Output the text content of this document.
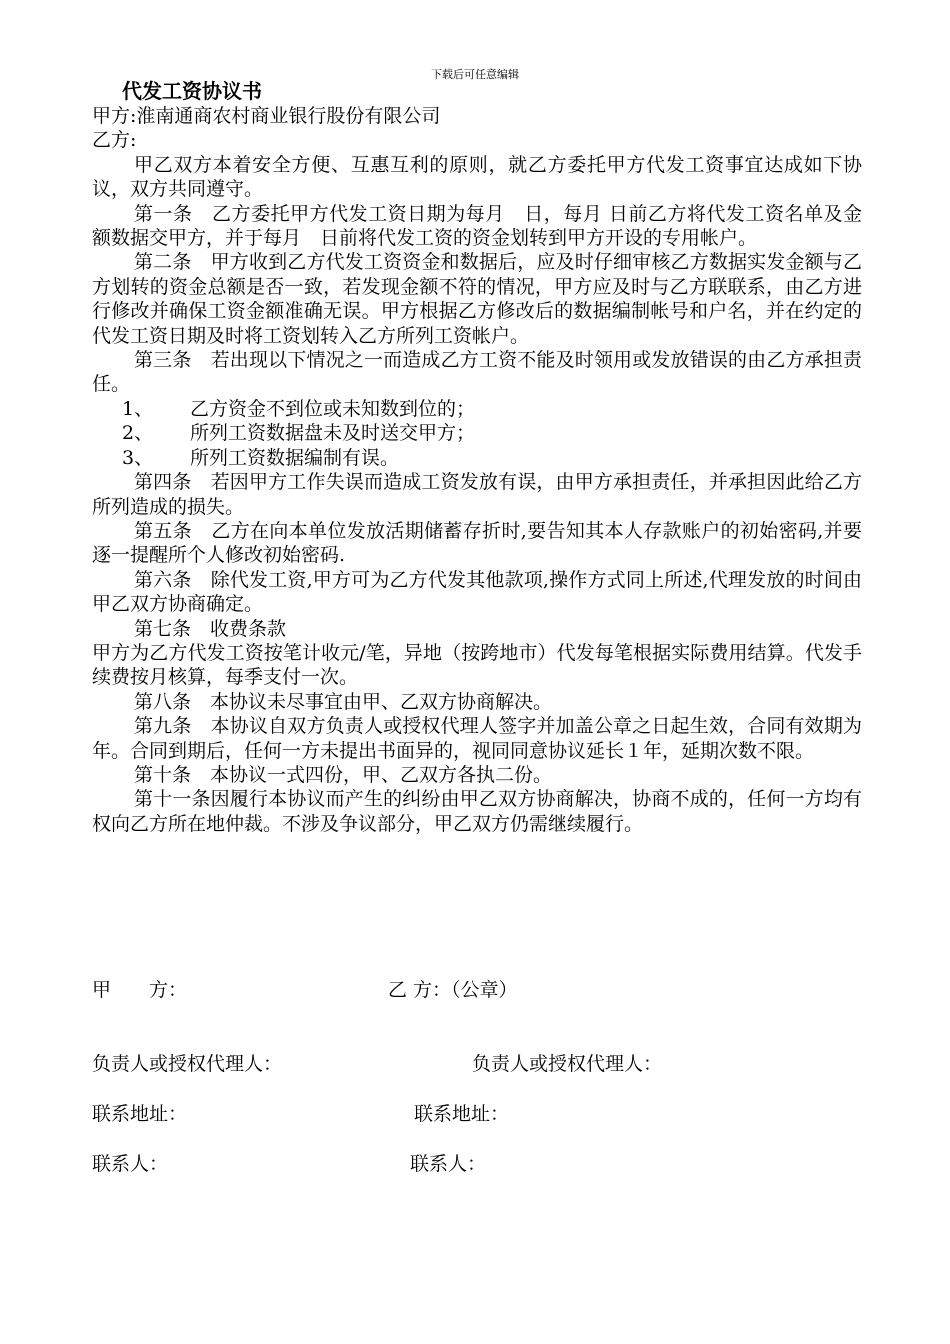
下载后可任意编辑
代发工资协议书

甲方:淮南通商农村商业银行股份有限公司

乙方:

甲乙双方本着安全方便、互惠互利的原则，就乙方委托甲方代发工资事宜达成如下协议，双方共同遵守。

第一条　乙方委托甲方代发工资日期为每月　日，每月 日前乙方将代发工资名单及金额数据交甲方，并于每月　日前将代发工资的资金划转到甲方开设的专用帐户。

第二条　甲方收到乙方代发工资资金和数据后，应及时仔细审核乙方数据实发金额与乙方划转的资金总额是否一致，若发现金额不符的情况，甲方应及时与乙方联联系，由乙方进行修改并确保工资金额准确无误。甲方根据乙方修改后的数据编制帐号和户名，并在约定的代发工资日期及时将工资划转入乙方所列工资帐户。

第三条　若出现以下情况之一而造成乙方工资不能及时领用或发放错误的由乙方承担责任。

1、 乙方资金不到位或未知数到位的；
2、 所列工资数据盘未及时送交甲方；
3、 所列工资数据编制有误。

第四条　若因甲方工作失误而造成工资发放有误，由甲方承担责任，并承担因此给乙方所列造成的损失。

第五条　乙方在向本单位发放活期储蓄存折时,要告知其本人存款账户的初始密码,并要逐一提醒所个人修改初始密码.

第六条　除代发工资,甲方可为乙方代发其他款项,操作方式同上所述,代理发放的时间由甲乙双方协商确定。

第七条　收费条款

甲方为乙方代发工资按笔计收元/笔，异地（按跨地市）代发每笔根据实际费用结算。代发手续费按月核算，每季支付一次。

第八条　本协议未尽事宜由甲、乙双方协商解决。

第九条　本协议自双方负责人或授权代理人签字并加盖公章之日起生效，合同有效期为　年。合同到期后，任何一方未提出书面异的，视同同意协议延长１年，延期次数不限。

第十条　本协议一式四份，甲、乙双方各执二份。

第十一条因履行本协议而产生的纠纷由甲乙双方协商解决，协商不成的，任何一方均有权向乙方所在地仲裁。不涉及争议部分，甲乙双方仍需继续履行。

甲　　方：	乙 方：（公章）
负责人或授权代理人：	负责人或授权代理人：
联系地址：	联系地址：
联系人：	联系人：
